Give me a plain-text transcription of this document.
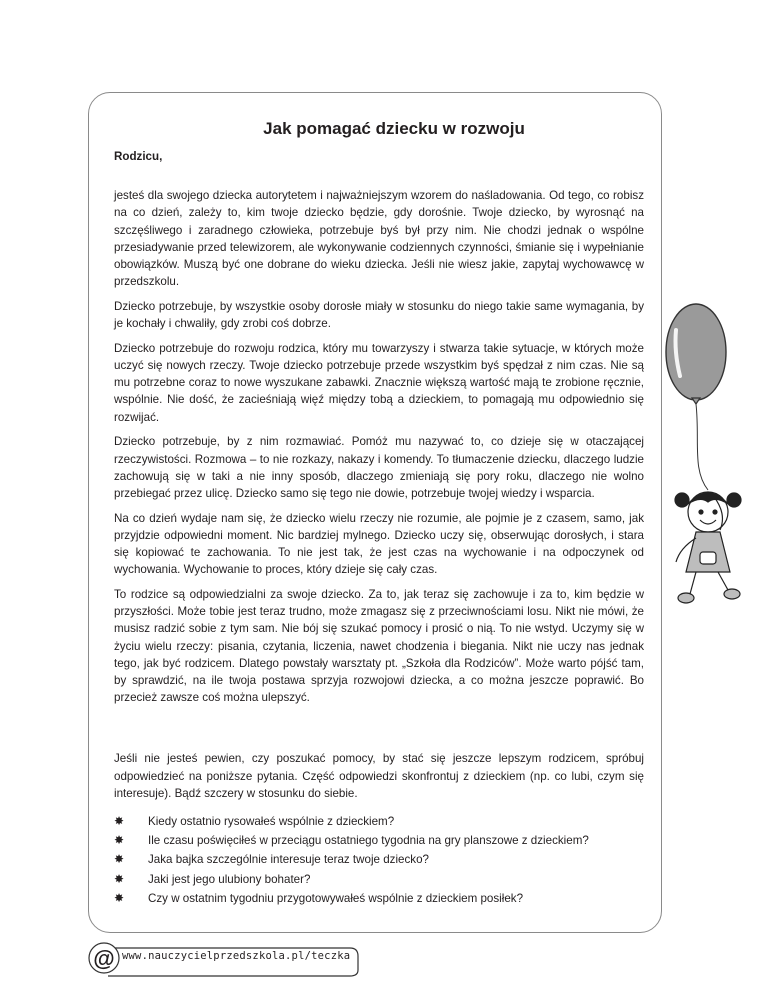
Jak pomagać dziecku w rozwoju

Rodzicu,

jesteś dla swojego dziecka autorytetem i najważniejszym wzorem do naśladowania. Od tego, co robisz na co dzień, zależy to, kim twoje dziecko będzie, gdy dorośnie. Twoje dziecko, by wyrosnąć na szczęśliwego i zaradnego człowieka, potrzebuje byś był przy nim. Nie chodzi jednak o wspólne przesiadywanie przed telewizorem, ale wykonywanie codziennych czynności, śmianie się i wypełnianie obowiązków. Muszą być one dobrane do wieku dziecka. Jeśli nie wiesz jakie, zapytaj wychowawcę w przedszkolu.

Dziecko potrzebuje, by wszystkie osoby dorosłe miały w stosunku do niego takie same wymagania, by je kochały i chwaliły, gdy zrobi coś dobrze.

Dziecko potrzebuje do rozwoju rodzica, który mu towarzyszy i stwarza takie sytuacje, w których może uczyć się nowych rzeczy. Twoje dziecko potrzebuje przede wszystkim byś spędzał z nim czas. Nie są mu potrzebne coraz to nowe wyszukane zabawki. Znacznie większą wartość mają te zrobione ręcznie, wspólnie. Nie dość, że zacieśniają więź między tobą a dzieckiem, to pomagają mu odpowiednio się rozwijać.

Dziecko potrzebuje, by z nim rozmawiać. Pomóż mu nazywać to, co dzieje się w otaczającej rzeczywistości. Rozmowa – to nie rozkazy, nakazy i komendy. To tłumaczenie dziecku, dlaczego ludzie zachowują się w taki a nie inny sposób, dlaczego zmieniają się pory roku, dlaczego nie wolno przebiegać przez ulicę. Dziecko samo się tego nie dowie, potrzebuje twojej wiedzy i wsparcia.

Na co dzień wydaje nam się, że dziecko wielu rzeczy nie rozumie, ale pojmie je z czasem, samo, jak przyjdzie odpowiedni moment. Nic bardziej mylnego. Dziecko uczy się, obserwując dorosłych, i stara się kopiować te zachowania. To nie jest tak, że jest czas na wychowanie i na odpoczynek od wychowania. Wychowanie to proces, który dzieje się cały czas.

To rodzice są odpowiedzialni za swoje dziecko. Za to, jak teraz się zachowuje i za to, kim będzie w przyszłości. Może tobie jest teraz trudno, może zmagasz się z przeciwnościami losu. Nikt nie mówi, że musisz radzić sobie z tym sam. Nie bój się szukać pomocy i prosić o nią. To nie wstyd. Uczymy się w życiu wielu rzeczy: pisania, czytania, liczenia, nawet chodzenia i biegania. Nikt nie uczy nas jednak tego, jak być rodzicem. Dlatego powstały warsztaty pt. „Szkoła dla Rodziców”. Może warto pójść tam, by sprawdzić, na ile twoja postawa sprzyja rozwojowi dziecka, a co można jeszcze poprawić. Bo przecież zawsze coś można ulepszyć.

Jeśli nie jesteś pewien, czy poszukać pomocy, by stać się jeszcze lepszym rodzicem, spróbuj odpowiedzieć na poniższe pytania. Część odpowiedzi skonfrontuj z dzieckiem (np. co lubi, czym się interesuje). Bądź szczery w stosunku do siebie.

✸ Kiedy ostatnio rysowałeś wspólnie z dzieckiem?
✸ Ile czasu poświęciłeś w przeciągu ostatniego tygodnia na gry planszowe z dzieckiem?
✸ Jaka bajka szczególnie interesuje teraz twoje dziecko?
✸ Jaki jest jego ulubiony bohater?
✸ Czy w ostatnim tygodniu przygotowywałeś wspólnie z dzieckiem posiłek?
@ www.nauczycielprzedszkola.pl/teczka
